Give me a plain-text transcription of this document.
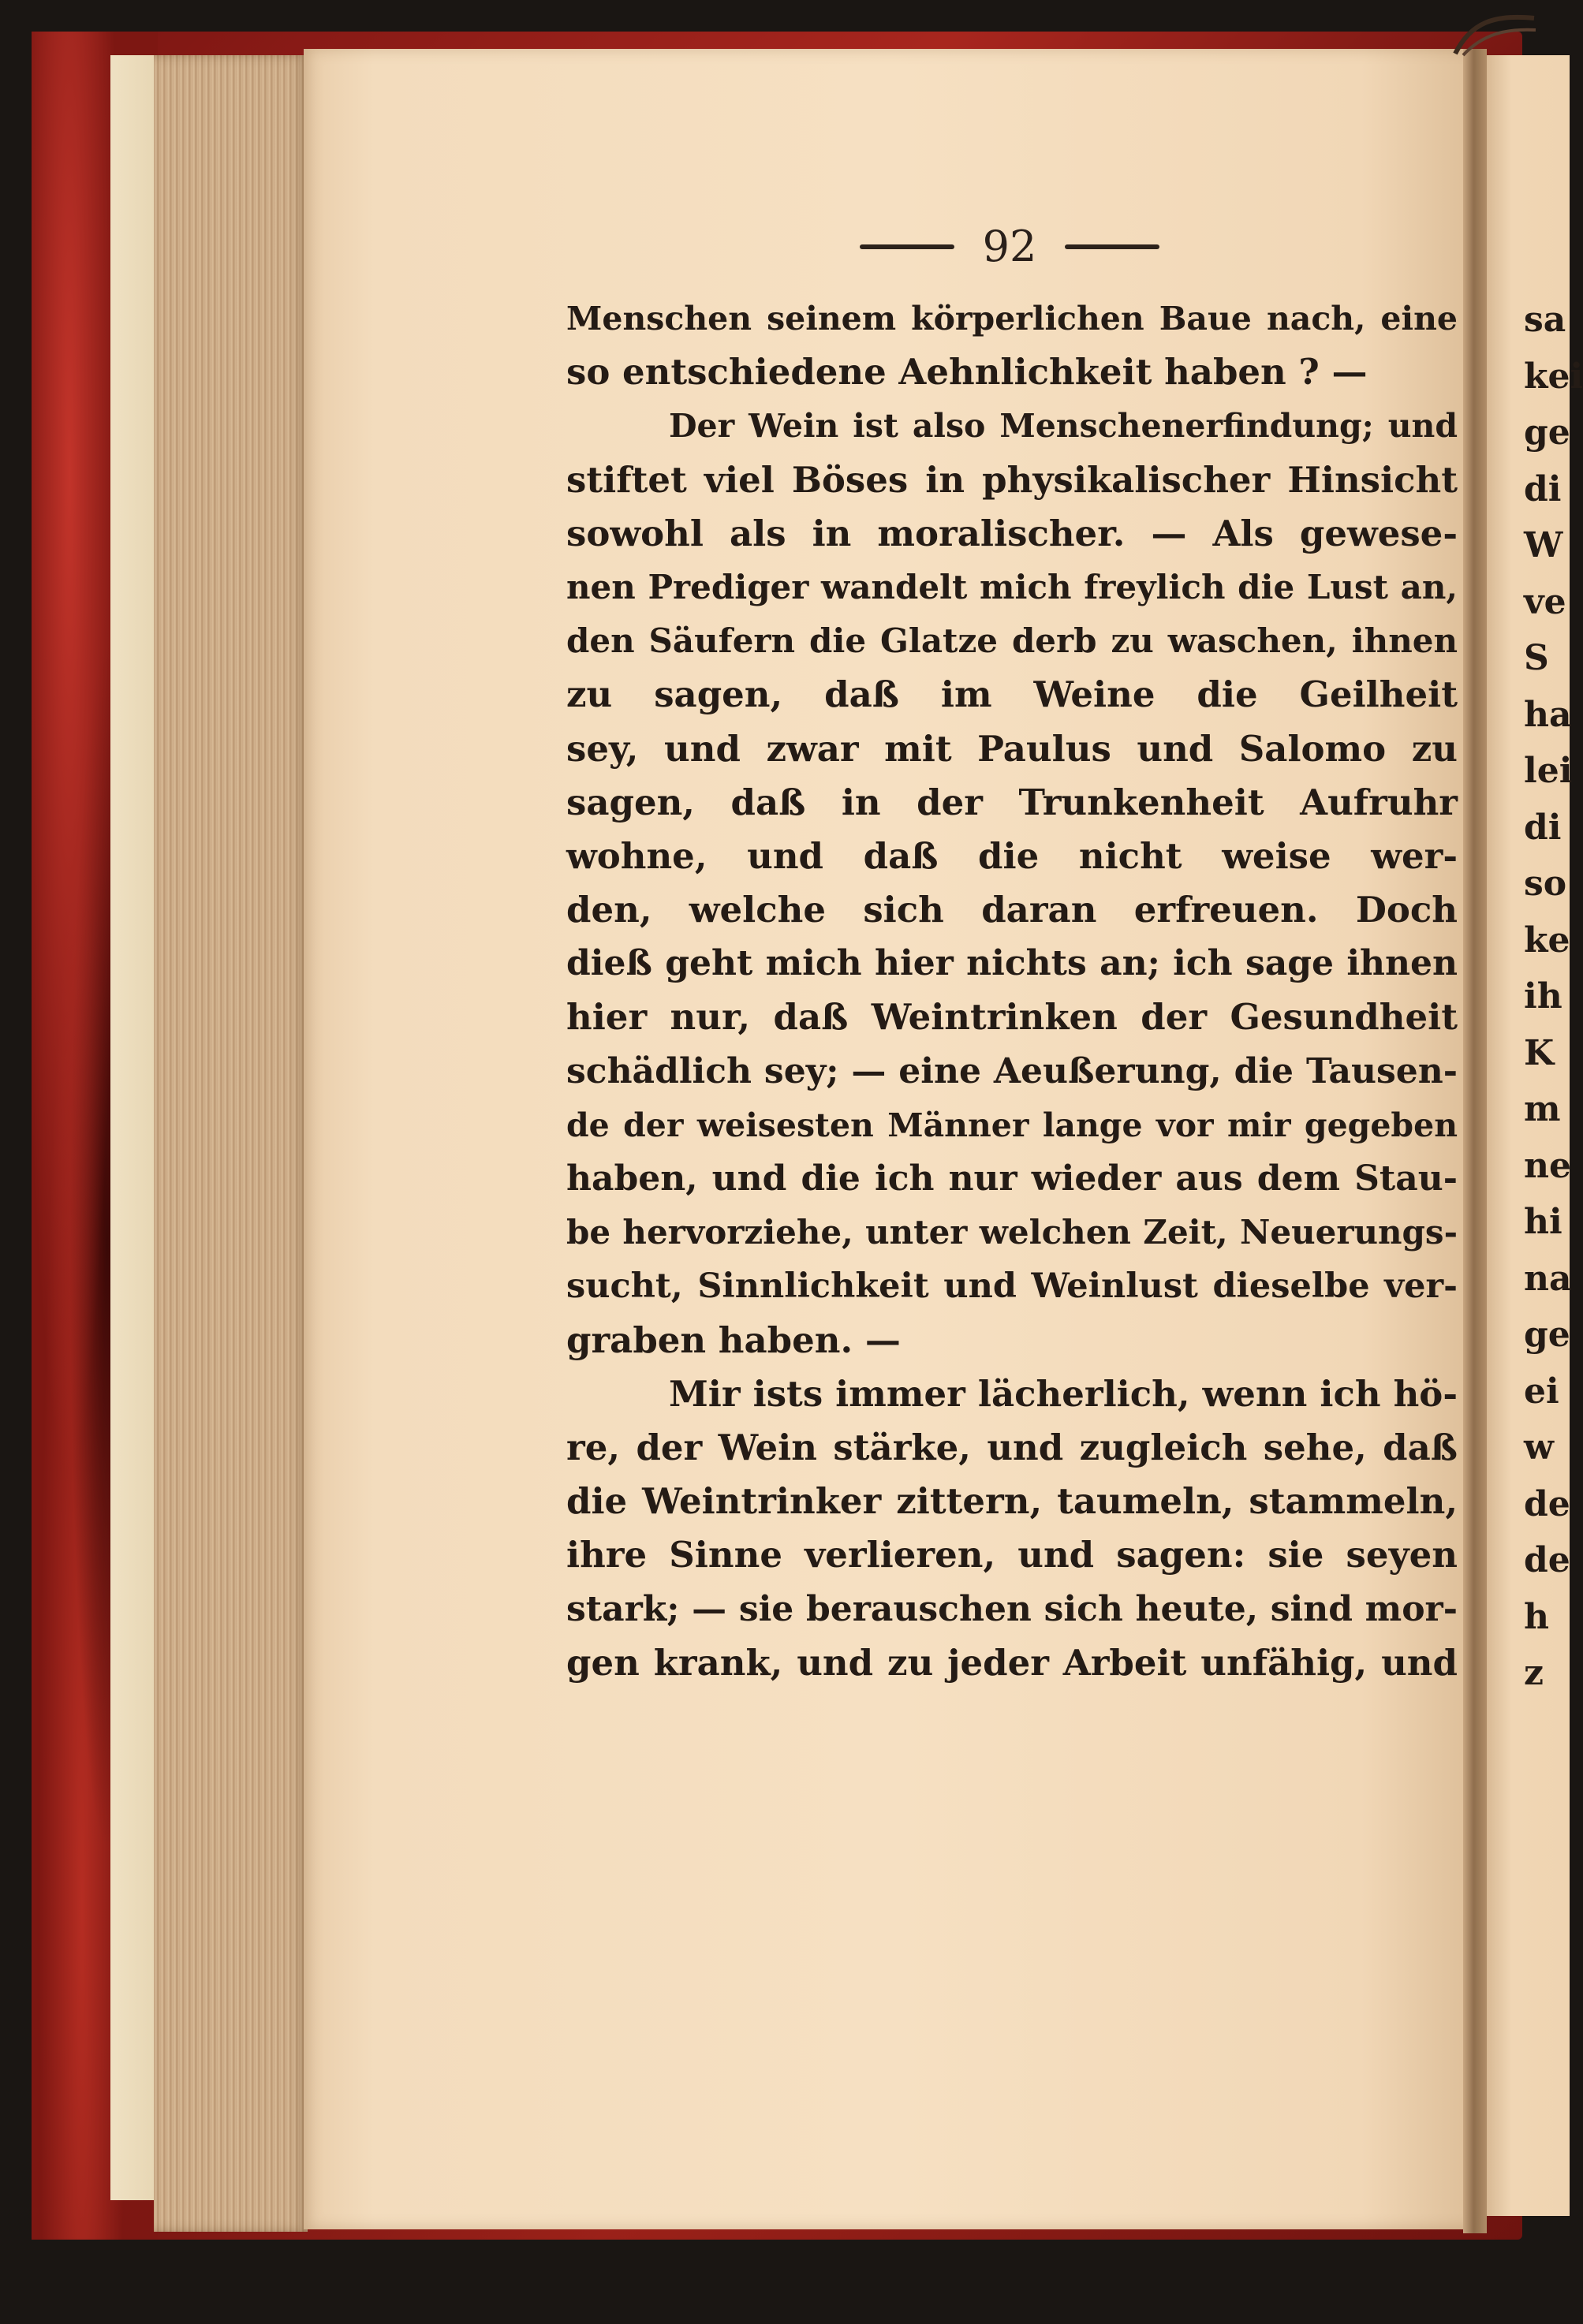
92
Menschen seinem körperlichen Baue nach, eine
so entschiedene Aehnlichkeit haben ? —
Der Wein ist also Menschenerfindung; und
stiftet viel Böses in physikalischer Hinsicht
sowohl als in moralischer. — Als gewese-
nen Prediger wandelt mich freylich die Lust an,
den Säufern die Glatze derb zu waschen, ihnen
zu sagen, daß im Weine die Geilheit
sey, und zwar mit Paulus und Salomo zu
sagen, daß in der Trunkenheit Aufruhr
wohne, und daß die nicht weise wer-
den, welche sich daran erfreuen. Doch
dieß geht mich hier nichts an; ich sage ihnen
hier nur, daß Weintrinken der Gesundheit
schädlich sey; — eine Aeußerung, die Tausen-
de der weisesten Männer lange vor mir gegeben
haben, und die ich nur wieder aus dem Stau-
be hervorziehe, unter welchen Zeit, Neuerungs-
sucht, Sinnlichkeit und Weinlust dieselbe ver-
graben haben. —
Mir ists immer lächerlich, wenn ich hö-
re, der Wein stärke, und zugleich sehe, daß
die Weintrinker zittern, taumeln, stammeln,
ihre Sinne verlieren, und sagen: sie seyen
stark; — sie berauschen sich heute, sind mor-
gen krank, und zu jeder Arbeit unfähig, und
sa
kei
ge
di
W
ve
S
ha
lei
di
so
ke
ih
K
m
ne
hi
na
ge
ei
w
de
de
h
z
